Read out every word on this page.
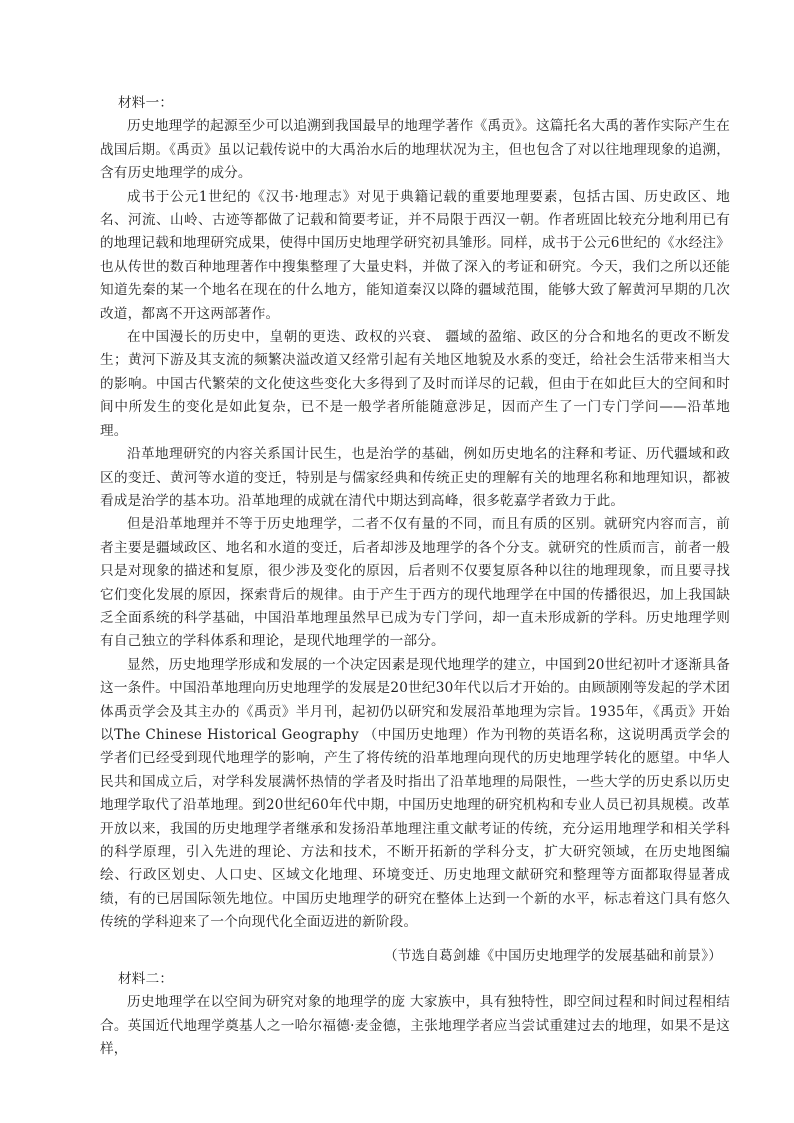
材料一：

历史地理学的起源至少可以追溯到我国最早的地理学著作《禹贡》。这篇托名大禹的著作实际产生在战国后期。《禹贡》虽以记载传说中的大禹治水后的地理状况为主，但也包含了对以往地理现象的追溯，含有历史地理学的成分。

成书于公元1世纪的《汉书·地理志》对见于典籍记载的重要地理要素，包括古国、历史政区、地名、河流、山岭、古迹等都做了记载和简要考证，并不局限于西汉一朝。作者班固比较充分地利用已有的地理记载和地理研究成果，使得中国历史地理学研究初具雏形。同样，成书于公元6世纪的《水经注》也从传世的数百种地理著作中搜集整理了大量史料，并做了深入的考证和研究。今天，我们之所以还能知道先秦的某一个地名在现在的什么地方，能知道秦汉以降的疆域范围，能够大致了解黄河早期的几次改道，都离不开这两部著作。

在中国漫长的历史中，皇朝的更迭、政权的兴衰、 疆域的盈缩、政区的分合和地名的更改不断发生；黄河下游及其支流的频繁决溢改道又经常引起有关地区地貌及水系的变迁，给社会生活带来相当大的影响。中国古代繁荣的文化使这些变化大多得到了及时而详尽的记载，但由于在如此巨大的空间和时间中所发生的变化是如此复杂，已不是一般学者所能随意涉足，因而产生了一门专门学问——沿革地理。

沿革地理研究的内容关系国计民生，也是治学的基础，例如历史地名的注释和考证、历代疆域和政区的变迁、黄河等水道的变迁，特别是与儒家经典和传统正史的理解有关的地理名称和地理知识，都被看成是治学的基本功。沿革地理的成就在清代中期达到高峰，很多乾嘉学者致力于此。

但是沿革地理并不等于历史地理学，二者不仅有量的不同，而且有质的区别。就研究内容而言，前者主要是疆域政区、地名和水道的变迁，后者却涉及地理学的各个分支。就研究的性质而言，前者一般只是对现象的描述和复原，很少涉及变化的原因，后者则不仅要复原各种以往的地理现象，而且要寻找它们变化发展的原因，探索背后的规律。由于产生于西方的现代地理学在中国的传播很迟，加上我国缺乏全面系统的科学基础，中国沿革地理虽然早已成为专门学问，却一直未形成新的学科。历史地理学则有自己独立的学科体系和理论，是现代地理学的一部分。

显然，历史地理学形成和发展的一个决定因素是现代地理学的建立，中国到20世纪初叶才逐渐具备这一条件。中国沿革地理向历史地理学的发展是20世纪30年代以后才开始的。由顾颉刚等发起的学术团体禹贡学会及其主办的《禹贡》半月刊，起初仍以研究和发展沿革地理为宗旨。1935年，《禹贡》开始以The Chinese Historical Geography （中国历史地理）作为刊物的英语名称，这说明禹贡学会的学者们已经受到现代地理学的影响，产生了将传统的沿革地理向现代的历史地理学转化的愿望。中华人民共和国成立后，对学科发展满怀热情的学者及时指出了沿革地理的局限性，一些大学的历史系以历史地理学取代了沿革地理。到20世纪60年代中期，中国历史地理的研究机构和专业人员已初具规模。改革开放以来，我国的历史地理学者继承和发扬沿革地理注重文献考证的传统，充分运用地理学和相关学科的科学原理，引入先进的理论、方法和技术，不断开拓新的学科分支，扩大研究领域，在历史地图编绘、行政区划史、人口史、区域文化地理、环境变迁、历史地理文献研究和整理等方面都取得显著成绩，有的已居国际领先地位。中国历史地理学的研究在整体上达到一个新的水平，标志着这门具有悠久传统的学科迎来了一个向现代化全面迈进的新阶段。

（节选自葛剑雄《中国历史地理学的发展基础和前景》）

材料二：

历史地理学在以空间为研究对象的地理学的庞 大家族中，具有独特性，即空间过程和时间过程相结合。英国近代地理学奠基人之一哈尔福德·麦金德，主张地理学者应当尝试重建过去的地理，如果不是这样，
